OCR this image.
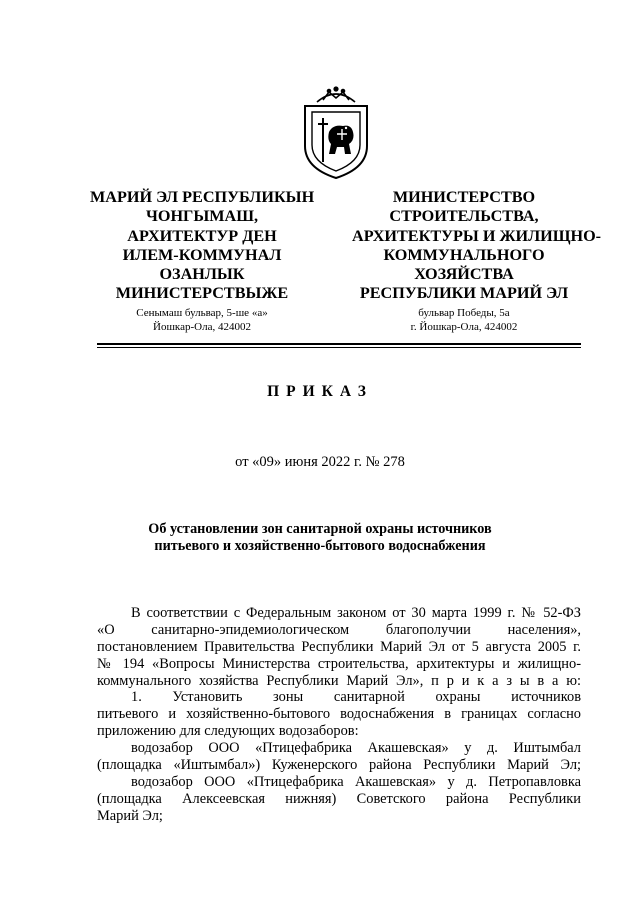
МАРИЙ ЭЛ РЕСПУБЛИКЫН
ЧОНГЫМАШ,
АРХИТЕКТУР ДЕН
ИЛЕМ-КОММУНАЛ
ОЗАНЛЫК
МИНИСТЕРСТВЫЖЕ
МИНИСТЕРСТВО
СТРОИТЕЛЬСТВА,
АРХИТЕКТУРЫ И ЖИЛИЩНО-
КОММУНАЛЬНОГО
ХОЗЯЙСТВА
РЕСПУБЛИКИ МАРИЙ ЭЛ
Сенымаш бульвар, 5-ше «а»
Йошкар-Ола, 424002
бульвар Победы, 5а
г. Йошкар-Ола, 424002
ПРИКАЗ
от «09» июня 2022 г. № 278
Об установлении зон санитарной охраны источников
питьевого и хозяйственно-бытового водоснабжения
В соответствии с Федеральным законом от 30 марта 1999 г. № 52-ФЗ
«О санитарно-эпидемиологическом благополучии населения»,
постановлением Правительства Республики Марий Эл от 5 августа 2005 г.
№ 194 «Вопросы Министерства строительства, архитектуры и жилищно-
коммунального хозяйства Республики Марий Эл», п р и к а з ы в а ю:
1. Установить зоны санитарной охраны источников
питьевого и хозяйственно-бытового водоснабжения в границах согласно
приложению для следующих водозаборов:
водозабор ООО «Птицефабрика Акашевская» у д. Иштымбал
(площадка «Иштымбал») Куженерского района Республики Марий Эл;
водозабор ООО «Птицефабрика Акашевская» у д. Петропавловка
(площадка Алексеевская нижняя) Советского района Республики
Марий Эл;
